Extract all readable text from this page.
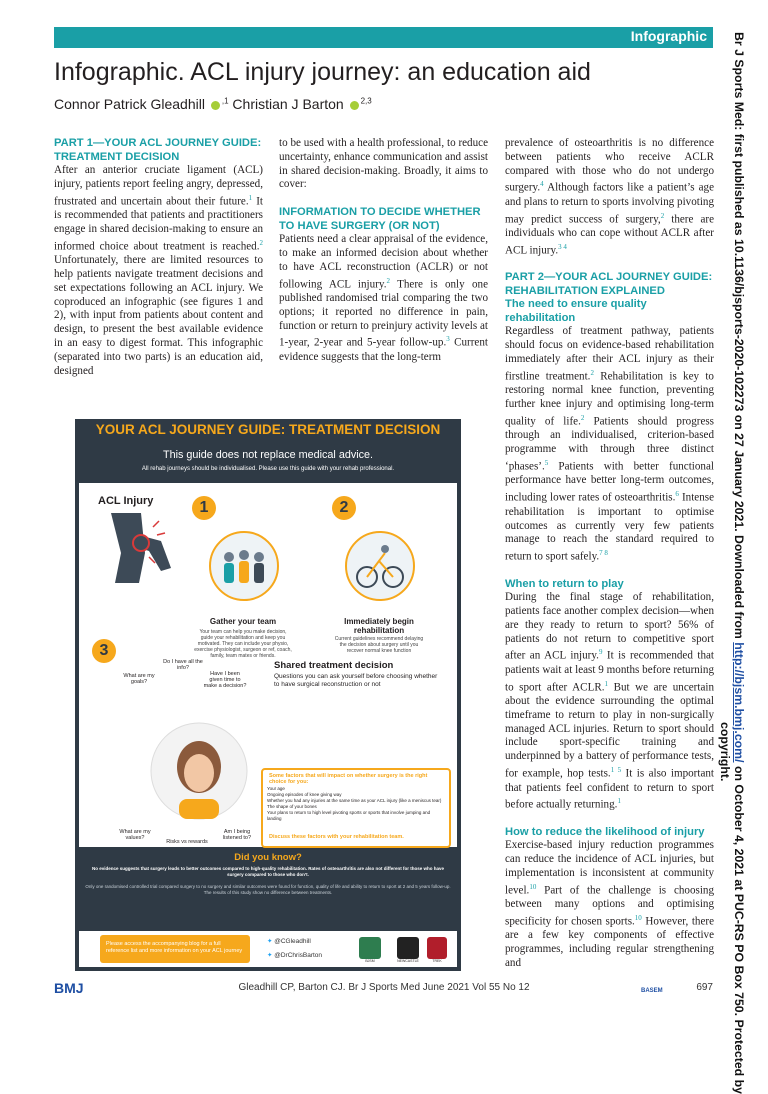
Infographic
Infographic. ACL injury journey: an education aid
Connor Patrick Gleadhill $^{,1}$ Christian J Barton $^{2,3}$
PART 1—YOUR ACL JOURNEY GUIDE: TREATMENT DECISION

After an anterior cruciate ligament (ACL) injury, patients report feeling angry, depressed, frustrated and uncertain about their future.$^1$ It is recommended that patients and practitioners engage in shared decision-making to ensure an informed choice about treatment is reached.$^2$ Unfortunately, there are limited resources to help patients navigate treatment decisions and set expectations following an ACL injury. We coproduced an infographic (see figures 1 and 2), with input from patients about content and design, to present the best available evidence in an easy to digest format. This infographic (separated into two parts) is an education aid, designed

to be used with a health professional, to reduce uncertainty, enhance communication and assist in shared decision-making. Broadly, it aims to cover:

INFORMATION TO DECIDE WHETHER TO HAVE SURGERY (OR NOT)

Patients need a clear appraisal of the evidence, to make an informed decision about whether to have ACL reconstruction (ACLR) or not following ACL injury.$^2$ There is only one published randomised trial comparing the two options; it reported no difference in pain, function or return to preinjury activity levels at 1-year, 2-year and 5-year follow-up.$^3$ Current evidence suggests that the long-term

prevalence of osteoarthritis is no difference between patients who receive ACLR compared with those who do not undergo surgery.$^4$ Although factors like a patient’s age and plans to return to sports involving pivoting may predict success of surgery,$^2$ there are individuals who can cope without ACLR after ACL injury.$^{3 4}$

PART 2—YOUR ACL JOURNEY GUIDE: REHABILITATION EXPLAINED
The need to ensure quality rehabilitation

Regardless of treatment pathway, patients should focus on evidence-based rehabilitation immediately after their ACL injury as their firstline treatment.$^2$ Rehabilitation is key to restoring normal knee function, preventing further knee injury and optimising long-term quality of life.$^2$ Patients should progress through an individualised, criterion-based programme with through three distinct ‘phases’.$^5$ Patients with better functional performance have better long-term outcomes, including lower rates of osteoarthritis.$^6$ Intense rehabilitation is important to optimise outcomes as currently very few patients manage to reach the standard required to return to sport safely.$^{7 8}$

When to return to play

During the final stage of rehabilitation, patients face another complex decision—when are they ready to return to sport? 56% of patients do not return to competitive sport after an ACL injury.$^9$ It is recommended that patients wait at least 9 months before returning to sport after ACLR.$^1$ But we are uncertain about the evidence surrounding the optimal timeframe to return to play in non-surgically managed ACL injuries. Return to sport should include sport-specific training and underpinned by a battery of performance tests, for example, hop tests.$^{1 5}$ It is also important that patients feel confident to return to sport before actually returning.$^1$

How to reduce the likelihood of injury

Exercise-based injury reduction programmes can reduce the incidence of ACL injuries, but implementation is inconsistent at community level.$^{10}$ Part of the challenge is choosing between many options and optimising specificity for chosen sports.$^{10}$ However, there are a few key components of effective programmes, including regular strengthening and

YOUR ACL JOURNEY GUIDE: TREATMENT DECISION
This guide does not replace medical advice.
All rehab journeys should be individualised. Please use this guide with your rehab professional.
ACL Injury	1
Gather your team
Your team can help you make decision, guide your rehabilitation and keep you motivated. They can include your physio, exercise physiologist, surgeon or ref, coach, family, team mates or friends.
2
Immediately begin rehabilitation
Current guidelines recommend delaying the decision about surgery until you recover normal knee function
3
What are my goals?
Do I have all the info?
Have I been given time to make a decision?
What are my values?
Risks vs rewards
Am I being listened to?
Shared treatment decision
Questions you can ask yourself before choosing whether to have surgical reconstruction or not
Some factors that will impact on whether surgery is the right choice for you:
Your age
Ongoing episodes of knee giving way
Whether you had any injuries at the same time as your ACL injury (like a meniscus tear)
The shape of your bones
Your plans to return to high level pivoting sports or sports that involve jumping and landing
Discuss these factors with your rehabilitation team.
Did you know?
No evidence suggests that surgery leads to better outcomes compared to high-quality rehabilitation. Rates of osteoarthritis are also not different for those who have surgery compared to those who don’t.
Only one randomised controlled trial compared surgery to no surgery and similar outcomes were found for function, quality of life and ability to return to sport at 2 and 5 years follow-up. The results of this study show no difference between treatments.
Please access the accompanying blog for a full reference list and more information on your ACL journey
✦ @CGleadhill
✦ @DrChrisBarton
BJSM	NEWCASTLE	TREK
BMJ	Gleadhill CP, Barton CJ. Br J Sports Med June 2021 Vol 55 No 12	BASEM	697
Br J Sports Med: first published as 10.1136/bjsports-2020-102273 on 27 January 2021. Downloaded from http://bjsm.bmj.com/ on October 4, 2021 at PUC-RS PO Box 750. Protected by
copyright.
